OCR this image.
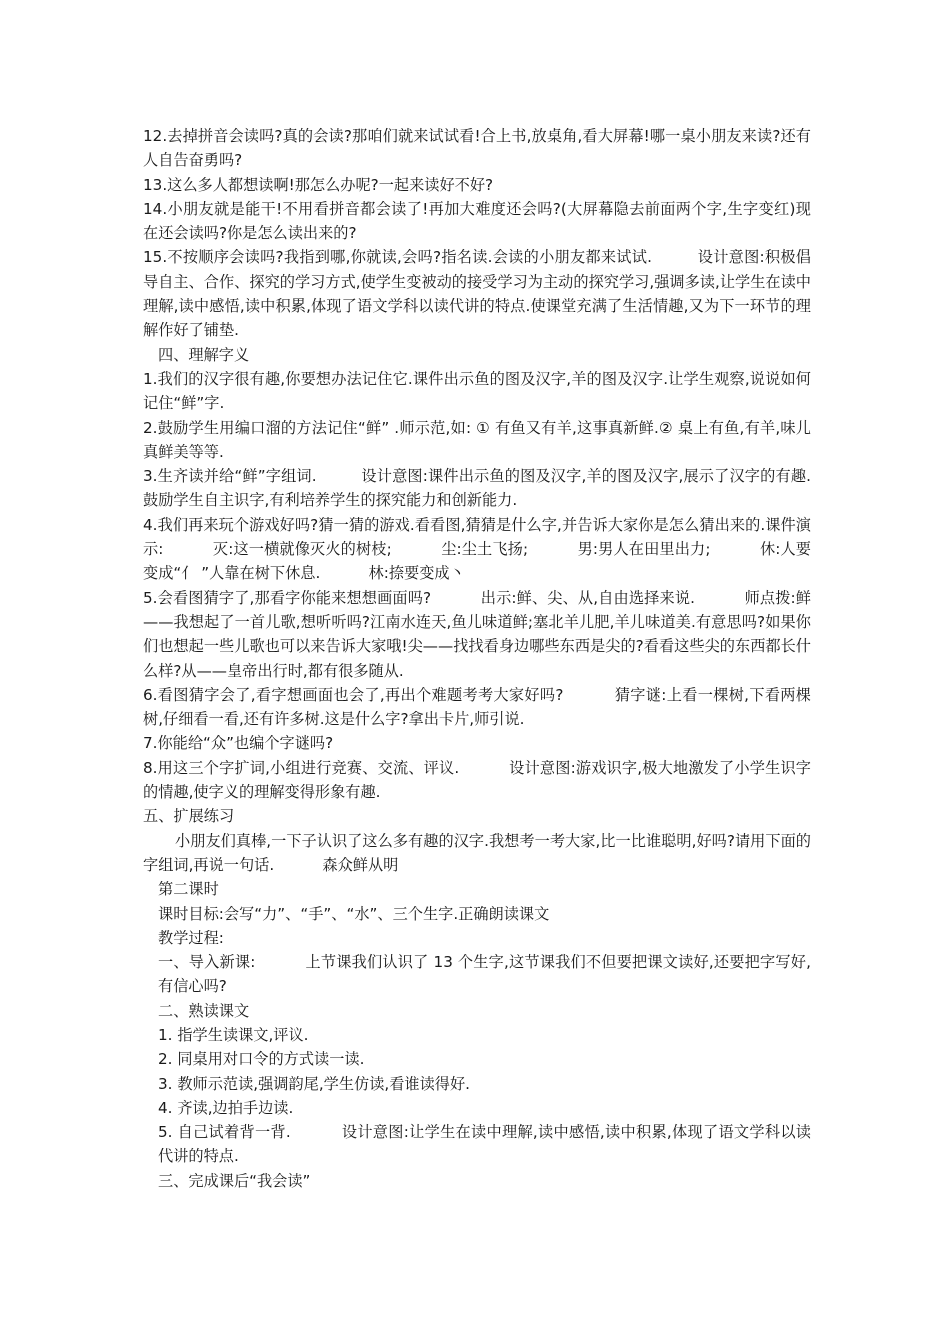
12.去掉拼音会读吗?真的会读?那咱们就来试试看!合上书,放桌角,看大屏幕!哪一桌小朋友来读?还有人自告奋勇吗?

13.这么多人都想读啊!那怎么办呢?一起来读好不好?

14.小朋友就是能干!不用看拼音都会读了!再加大难度还会吗?(大屏幕隐去前面两个字,生字变红)现在还会读吗?你是怎么读出来的?

15.不按顺序会读吗?我指到哪,你就读,会吗?指名读.会读的小朋友都来试试.         设计意图:积极倡导自主、合作、探究的学习方式,使学生变被动的接受学习为主动的探究学习,强调多读,让学生在读中理解,读中感悟,读中积累,体现了语文学科以读代讲的特点.使课堂充满了生活情趣,又为下一环节的理解作好了铺垫.

四、理解字义

1.我们的汉字很有趣,你要想办法记住它.课件出示鱼的图及汉字,羊的图及汉字.让学生观察,说说如何记住“鲜”字.

2.鼓励学生用编口溜的方法记住“鲜” .师示范,如: ① 有鱼又有羊,这事真新鲜.② 桌上有鱼,有羊,味儿真鲜美等等.

3.生齐读并给“鲜”字组词.         设计意图:课件出示鱼的图及汉字,羊的图及汉字,展示了汉字的有趣.鼓励学生自主识字,有利培养学生的探究能力和创新能力.

4.我们再来玩个游戏好吗?猜一猜的游戏.看看图,猜猜是什么字,并告诉大家你是怎么猜出来的.课件演示:          灭:这一横就像灭火的树枝;          尘:尘土飞扬;          男:男人在田里出力;          休:人要变成“亻 ”人靠在树下休息.          林:捺要变成丶

5.会看图猜字了,那看字你能来想想画面吗?          出示:鲜、尖、从,自由选择来说.          师点拨:鲜——我想起了一首儿歌,想听听吗?江南水连天,鱼儿味道鲜;塞北羊儿肥,羊儿味道美.有意思吗?如果你们也想起一些儿歌也可以来告诉大家哦!尖——找找看身边哪些东西是尖的?看看这些尖的东西都长什么样?从——皇帝出行时,都有很多随从.

6.看图猜字会了,看字想画面也会了,再出个难题考考大家好吗?          猜字谜:上看一棵树,下看两棵树,仔细看一看,还有许多树.这是什么字?拿出卡片,师引说.

7.你能给“众”也编个字谜吗?

8.用这三个字扩词,小组进行竞赛、交流、评议.          设计意图:游戏识字,极大地激发了小学生识字的情趣,使字义的理解变得形象有趣.

五、扩展练习

小朋友们真棒,一下子认识了这么多有趣的汉字.我想考一考大家,比一比谁聪明,好吗?请用下面的字组词,再说一句话.          森众鲜从明

第二课时

课时目标:会写“力”、“手”、“水”、三个生字.正确朗读课文

教学过程:

一、导入新课:          上节课我们认识了 13 个生字,这节课我们不但要把课文读好,还要把字写好,有信心吗?

二、熟读课文

1. 指学生读课文,评议.

2. 同桌用对口令的方式读一读.

3. 教师示范读,强调韵尾,学生仿读,看谁读得好.

4. 齐读,边拍手边读.

5. 自己试着背一背.          设计意图:让学生在读中理解,读中感悟,读中积累,体现了语文学科以读代讲的特点.

三、完成课后“我会读”
